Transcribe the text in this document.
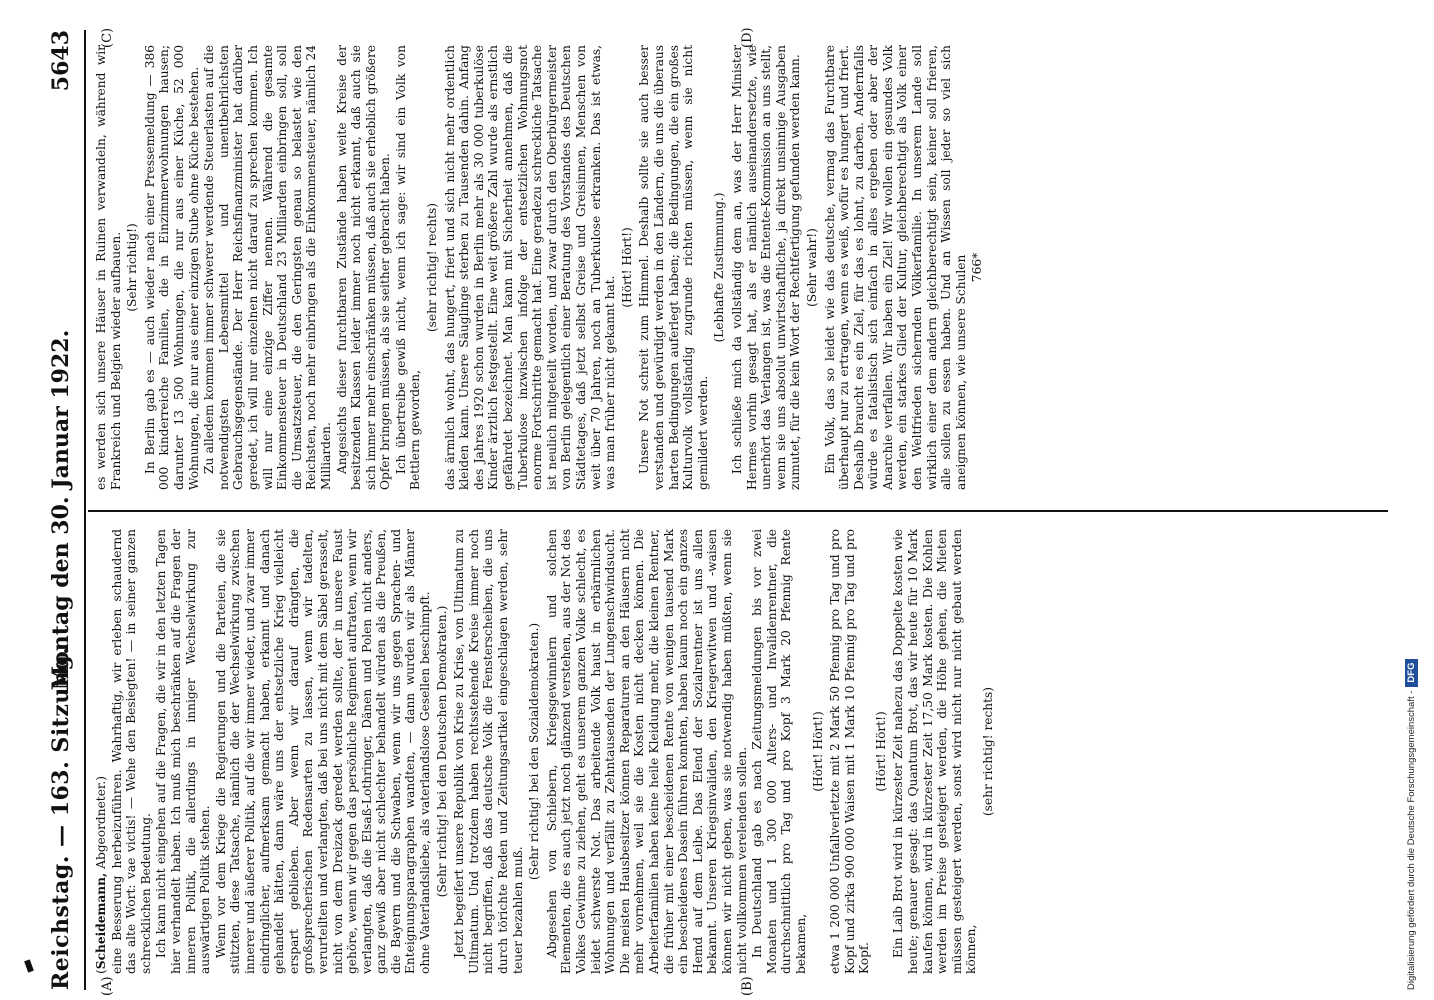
Reichstag. — 163. Sitzung.
Montag den 30. Januar 1922.
5643
(A)	(B)
(C)	(D)

(Scheidemann, Abgeordneter.) eine Besserung herbeizuführen. Wahrhaftig, wir erleben schaudernd das alte Wort: vae victis! — Wehe den Besiegten! — in seiner ganzen schrecklichen Bedeutung. Ich kann nicht eingehen auf die Fragen, die wir in den letzten Tagen hier verhandelt haben. Ich muß mich beschränken auf die Fragen der inneren Politik, die allerdings in inniger Wechselwirkung zur auswärtigen Politik stehen. Wenn vor dem Kriege die Regierungen und die Parteien, die sie stützten, diese Tatsache, nämlich die der Wechselwirkung zwischen innerer und äußerer Politik, auf die wir immer wieder, und zwar immer eindringlicher, aufmerksam gemacht haben, erkannt und danach gehandelt hätten, dann wäre uns der entsetzliche Krieg vielleicht erspart geblieben. Aber wenn wir darauf drängten, die großsprecherischen Redensarten zu lassen, wenn wir tadelten, verurteilten und verlangten, daß bei uns nicht mit dem Säbel gerasselt, nicht von dem Dreizack geredet werden sollte, der in unsere Faust gehöre, wenn wir gegen das persönliche Regiment auftraten, wenn wir verlangten, daß die Elsaß-Lothringer, Dänen und Polen nicht anders, ganz gewiß aber nicht schlechter behandelt würden als die Preußen, die Bayern und die Schwaben, wenn wir uns gegen Sprachen- und Enteignungsparagraphen wandten, — dann wurden wir als Männer ohne Vaterlandsliebe, als vaterlandslose Gesellen beschimpft. (Sehr richtig! bei den Deutschen Demokraten.) Jetzt begeifert unsere Republik von Krise zu Krise, von Ultimatum zu Ultimatum. Und trotzdem haben rechtsstehende Kreise immer noch nicht begriffen, daß das deutsche Volk die Fensterscheiben, die uns durch törichte Reden und Zeitungsartikel eingeschlagen werden, sehr teuer bezahlen muß.

(Sehr richtig! bei den Sozialdemokraten.) Abgesehen von Schiebern, Kriegsgewinnlern und solchen Elementen, die es auch jetzt noch glänzend verstehen, aus der Not des Volkes Gewinne zu ziehen, geht es unserem ganzen Volke schlecht, es leidet schwerste Not. Das arbeitende Volk haust in erbärmlichen Wohnungen und verfällt zu Zehntausenden der Lungenschwindsucht. Die meisten Hausbesitzer können Reparaturen an den Häusern nicht mehr vornehmen, weil sie die Kosten nicht decken können. Die Arbeiterfamilien haben keine heile Kleidung mehr, die kleinen Rentner, die früher mit einer bescheidenen Rente von wenigen tausend Mark ein bescheidenes Dasein führen konnten, haben kaum noch ein ganzes Hemd auf dem Leibe. Das Elend der Sozialrentner ist uns allen bekannt. Unseren Kriegsinvaliden, den Kriegerwitwen und -waisen können wir nicht geben, was sie notwendig haben müßten, wenn sie nicht vollkommen verelenden sollen. In Deutschland gab es nach Zeitungsmeldungen bis vor zwei Monaten und 1 300 000 Alters- und Invalidenrentner, die durchschnittlich pro Tag und pro Kopf 3 Mark 20 Pfennig Rente bekamen,

(Hört! Hört!) etwa 1 200 000 Unfallverletzte mit 2 Mark 50 Pfennig pro Tag und pro Kopf und zirka 900 000 Waisen mit 1 Mark 10 Pfennig pro Tag und pro Kopf.

(Hört! Hört!) Ein Laib Brot wird in kürzester Zeit nahezu das Doppelte kosten wie heute; genauer gesagt: das Quantum Brot, das wir heute für 10 Mark kaufen können, wird in kürzester Zeit 17,50 Mark kosten. Die Kohlen werden im Preise gesteigert werden, die Höhe gehen, die Mieten müssen gesteigert werden, sonst wird nicht nur nicht gebaut werden können,

(sehr richtig! rechts)

es werden sich unsere Häuser in Ruinen verwandeln, während wir Frankreich und Belgien wieder aufbauen. (Sehr richtig!) In Berlin gab es — auch wieder nach einer Pressemeldung — 386 000 kinderreiche Familien, die in Einzimmerwohnungen hausen; darunter 13 500 Wohnungen, die nur aus einer Küche, 52 000 Wohnungen, die nur aus einer einzigen Stube ohne Küche bestehen. Zu alledem kommen immer schwerer werdende Steuerlasten auf die notwendigsten Lebensmittel und unentbehrlichsten Gebrauchsgegenstände. Der Herr Reichsfinanzminister hat darüber geredet, ich will nur einzelnen nicht darauf zu sprechen kommen. Ich will nur eine einzige Ziffer nennen. Während die gesamte Einkommensteuer in Deutschland 23 Milliarden einbringen soll, soll die Umsatzsteuer, die den Geringsten genau so belastet wie den Reichsten, noch mehr einbringen als die Einkommensteuer, nämlich 24 Milliarden. Angesichts dieser furchtbaren Zustände haben weite Kreise der besitzenden Klassen leider immer noch nicht erkannt, daß auch sie sich immer mehr einschränken müssen, daß auch sie erheblich größere Opfer bringen müssen, als sie seither gebracht haben. Ich übertreibe gewiß nicht, wenn ich sage: wir sind ein Volk von Bettlern geworden,

(sehr richtig! rechts) das ärmlich wohnt, das hungert, friert und sich nicht mehr ordentlich kleiden kann. Unsere Säuglinge sterben zu Tausenden dahin. Anfang des Jahres 1920 schon wurden in Berlin mehr als 30 000 tuberkulöse Kinder ärztlich festgestellt. Eine weit größere Zahl wurde als ernstlich gefährdet bezeichnet. Man kann mit Sicherheit annehmen, daß die Tuberkulose inzwischen infolge der entsetzlichen Wohnungsnot enorme Fortschritte gemacht hat. Eine geradezu schreckliche Tatsache ist neulich mitgeteilt worden, und zwar durch den Oberbürgermeister von Berlin gelegentlich einer Beratung des Vorstandes des Deutschen Städtetages, daß jetzt selbst Greise und Greisinnen, Menschen von weit über 70 Jahren, noch an Tuberkulose erkranken. Das ist etwas, was man früher nicht gekannt hat.

(Hört! Hört!) Unsere Not schreit zum Himmel. Deshalb sollte sie auch besser verstanden und gewürdigt werden in den Ländern, die uns die überaus harten Bedingungen auferlegt haben; die Bedingungen, die ein großes Kulturvolk vollständig zugrunde richten müssen, wenn sie nicht gemildert werden.

(Lebhafte Zustimmung.) Ich schließe mich da vollständig dem an, was der Herr Minister Hermes vorhin gesagt hat, als er nämlich auseinandersetzte, wie unerhört das Verlangen ist, was die Entente-Kommission an uns stellt, wenn sie uns absolut unwirtschaftliche, ja direkt unsinnige Ausgaben zumutet, für die kein Wort der Rechtfertigung gefunden werden kann. (Sehr wahr!) Ein Volk, das so leidet wie das deutsche, vermag das Furchtbare überhaupt nur zu ertragen, wenn es weiß, wofür es hungert und friert. Deshalb braucht es ein Ziel, für das es lohnt, zu darben. Andernfalls würde es fatalistisch sich einfach in alles ergeben oder aber der Anarchie verfallen. Wir haben ein Ziel! Wir wollen ein gesundes Volk werden, ein starkes Glied der Kultur, gleichberechtigt als Volk einer den Weltfrieden sichernden Völkerfamilie. In unserem Lande soll wirklich einer dem andern gleichberechtigt sein, keiner soll frieren, alle sollen zu essen haben. Und an Wissen soll jeder so viel sich aneignen können, wie unsere Schulen 766*

Digitalisierung gefördert durch die Deutsche Forschungsgemeinschaft -DFG
